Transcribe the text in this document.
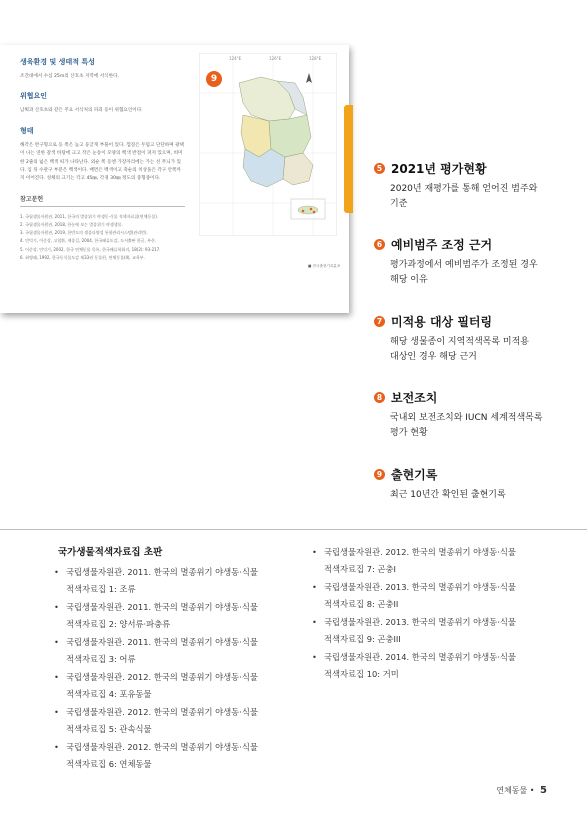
생육환경 및 생태적 특성
조간대에서 수심 25m의 산호초 지역에 서식한다.
위협요인
남획과 산호초와 같은 주요 서식처의 파괴 등이 위협요인이다.
형태
해각은 반구형으로 등 쪽은 높고 둥글게 부풀어 있다. 껍질은 두텁고 단단하며 광택이 나는 연한 갈색 바탕에 크고 작은 눈송이 모양의 백색 반점이 퍼져 있으며, 희미한 2줄의 넓은 백색 띠가 나타난다. 외순 쪽 등엔 가장자리에는 가는 선 무늬가 있다. 입 뒤 수관구 부분은 백색이다. 배면은 백색이고 축순의 치상돌은 각구 안쪽까지 이어진다. 성체의 크기는 각고 45㎜, 각경 30㎜ 정도의 중형종이다.
참고문헌
1. 국립생물자원관, 2011, 한국의 멸종위기 야생동·식물 적색자료집(연체동물).
2. 국립생물자원관, 2018, 한눈에 보는 멸종위기 야생생물.
3. 국립생물자원관, 2019, 한반도의 생물다양성 통합관리시스템(관리번).
4. 민덕기, 이준상, 고철환, 제종길, 2004, 한국패류도감, 도서출판 한글, 부산.
5. 이준상, 민덕기, 2002, 한국 연체동물 목록, 한국패류학회지, 18(2): 93-217.
6. 최병래, 1992, 한국동식물도감 제33권 동물편, 연체동물(II), 교육부.
124°E	126°E	128°E
9
■ 전국출현기록분포
5 2021년 평가현황
2020년 재평가를 통해 얻어진 범주와
기준
6 예비범주 조정 근거
평가과정에서 예비범주가 조정된 경우
해당 이유
7 미적용 대상 필터링
해당 생물종이 지역적색목록 미적용
대상인 경우 해당 근거
8 보전조치
국내외 보전조치와 IUCN 세계적색목록
평가 현황
9 출현기록
최근 10년간 확인된 출현기록
국가생물적색자료집 초판
• 국립생물자원관. 2011. 한국의 멸종위기 야생동·식물
적색자료집 1: 조류
• 국립생물자원관. 2011. 한국의 멸종위기 야생동·식물
적색자료집 2: 양서류·파충류
• 국립생물자원관. 2011. 한국의 멸종위기 야생동·식물
적색자료집 3: 어류
• 국립생물자원관. 2012. 한국의 멸종위기 야생동·식물
적색자료집 4: 포유동물
• 국립생물자원관. 2012. 한국의 멸종위기 야생동·식물
적색자료집 5: 관속식물
• 국립생물자원관. 2012. 한국의 멸종위기 야생동·식물
적색자료집 6: 연체동물
• 국립생물자원관. 2012. 한국의 멸종위기 야생동·식물
적색자료집 7: 곤충I
• 국립생물자원관. 2013. 한국의 멸종위기 야생동·식물
적색자료집 8: 곤충II
• 국립생물자원관. 2013. 한국의 멸종위기 야생동·식물
적색자료집 9: 곤충III
• 국립생물자원관. 2014. 한국의 멸종위기 야생동·식물
적색자료집 10: 거미
연체동물 • 5
